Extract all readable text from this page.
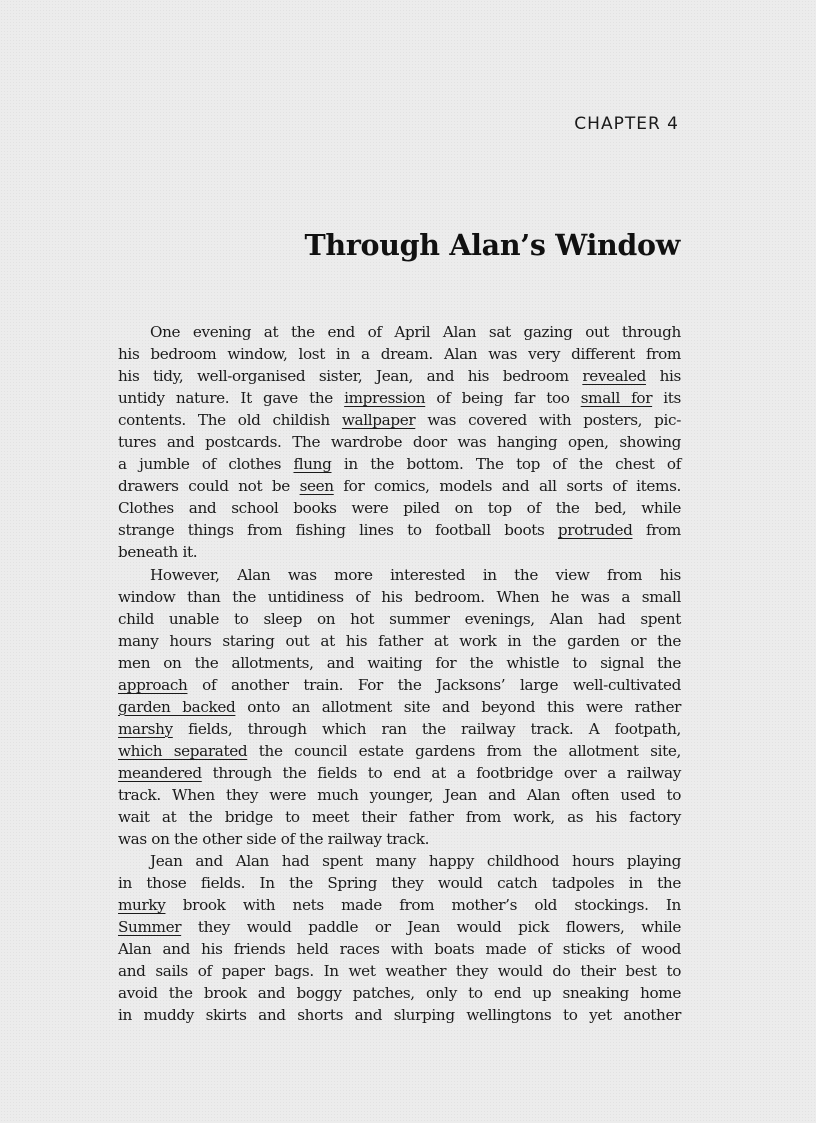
CHAPTER 4
Through Alan’s Window
One evening at the end of April Alan sat gazing out through
his bedroom window, lost in a dream. Alan was very different from
his tidy, well-organised sister, Jean, and his bedroom revealed his
untidy nature. It gave the impression of being far too small for its
contents. The old childish wallpaper was covered with posters, pic-
tures and postcards. The wardrobe door was hanging open, showing
a jumble of clothes flung in the bottom. The top of the chest of
drawers could not be seen for comics, models and all sorts of items.
Clothes and school books were piled on top of the bed, while
strange things from fishing lines to football boots protruded from
beneath it.
However, Alan was more interested in the view from his
window than the untidiness of his bedroom. When he was a small
child unable to sleep on hot summer evenings, Alan had spent
many hours staring out at his father at work in the garden or the
men on the allotments, and waiting for the whistle to signal the
approach of another train. For the Jacksons’ large well-cultivated
garden backed onto an allotment site and beyond this were rather
marshy fields, through which ran the railway track. A footpath,
which separated the council estate gardens from the allotment site,
meandered through the fields to end at a footbridge over a railway
track. When they were much younger, Jean and Alan often used to
wait at the bridge to meet their father from work, as his factory
was on the other side of the railway track.
Jean and Alan had spent many happy childhood hours playing
in those fields. In the Spring they would catch tadpoles in the
murky brook with nets made from mother’s old stockings. In
Summer they would paddle or Jean would pick flowers, while
Alan and his friends held races with boats made of sticks of wood
and sails of paper bags. In wet weather they would do their best to
avoid the brook and boggy patches, only to end up sneaking home
in muddy skirts and shorts and slurping wellingtons to yet another
